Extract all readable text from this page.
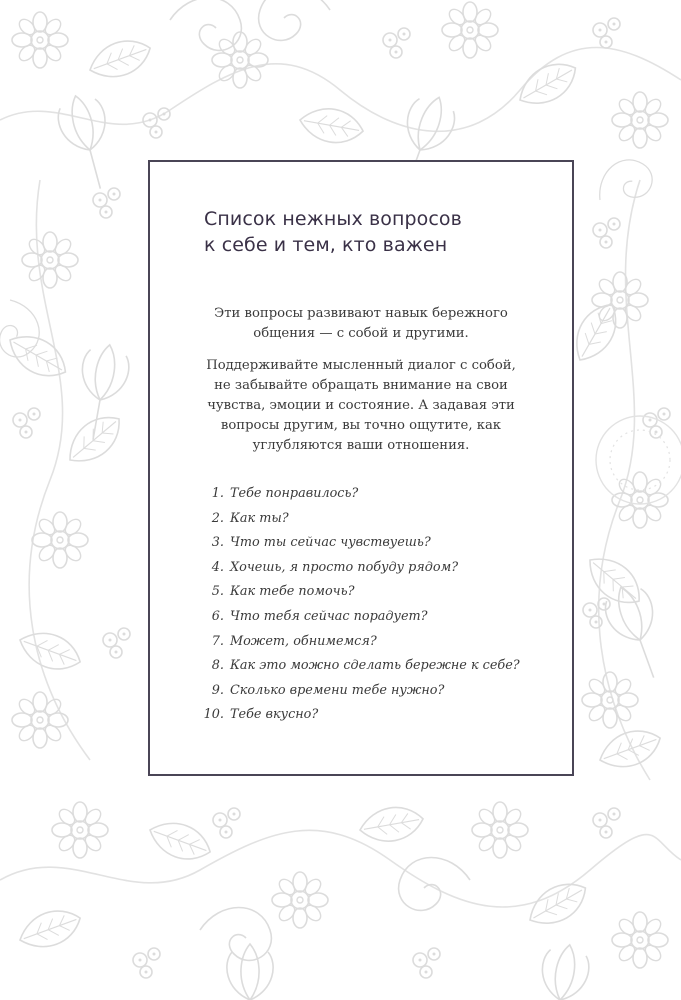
Список нежных вопросов
к себе и тем, кто важен

Эти вопросы развивают навык бережного
общения — с собой и другими.

Поддерживайте мысленный диалог с собой,
не забывайте обращать внимание на свои
чувства, эмоции и состояние. А задавая эти
вопросы другим, вы точно ощутите, как
углубляются ваши отношения.

1. Тебе понравилось?
2. Как ты?
3. Что ты сейчас чувствуешь?
4. Хочешь, я просто побуду рядом?
5. Как тебе помочь?
6. Что тебя сейчас порадует?
7. Может, обнимемся?
8. Как это можно сделать бережне к себе?
9. Сколько времени тебе нужно?
10. Тебе вкусно?
